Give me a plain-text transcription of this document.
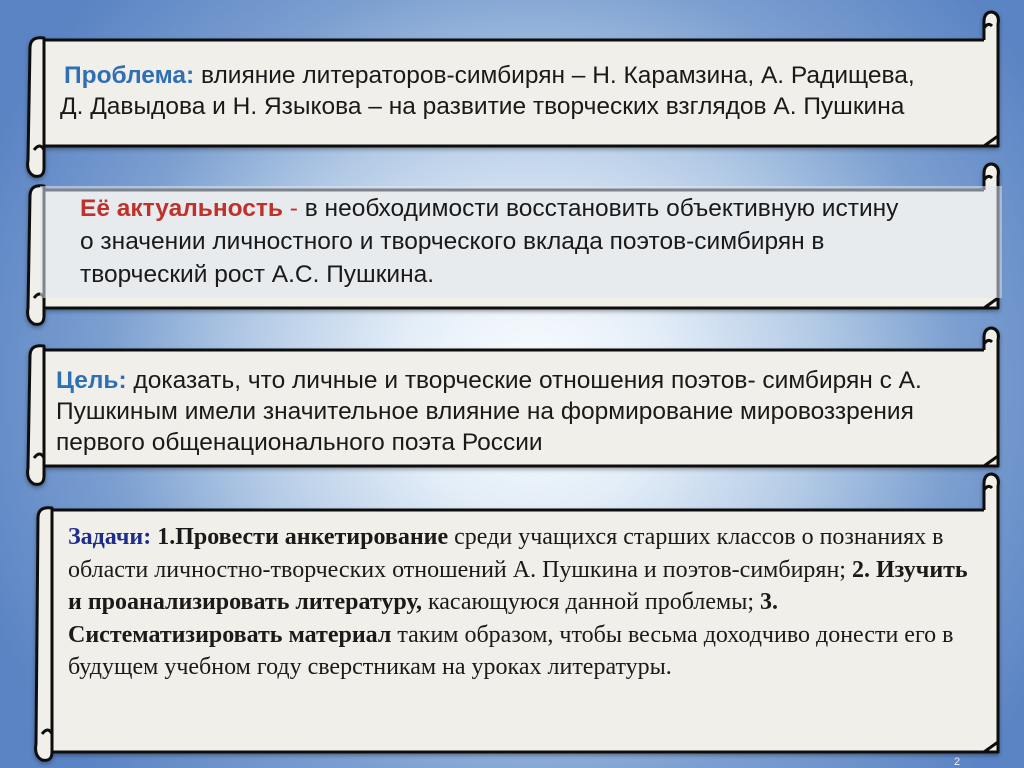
Проблема: влияние литераторов-симбирян – Н. Карамзина, А. Радищева,
Д. Давыдова и Н. Языкова – на развитие творческих взглядов А. Пушкина
Её актуальность - в необходимости восстановить объективную истину
о значении личностного и творческого вклада поэтов-симбирян в
творческий рост А.С. Пушкина.
Цель: доказать, что личные и творческие отношения поэтов- симбирян с А. Пушкиным имели значительное влияние на формирование мировоззрения первого общенационального поэта России
Задачи: 1.Провести анкетирование среди учащихся старших классов о познаниях в области личностно-творческих отношений А. Пушкина и поэтов-симбирян; 2. Изучить и проанализировать литературу, касающуюся данной проблемы; 3. Систематизировать материал таким образом, чтобы весьма доходчиво донести его в будущем учебном году сверстникам на уроках литературы.
2
